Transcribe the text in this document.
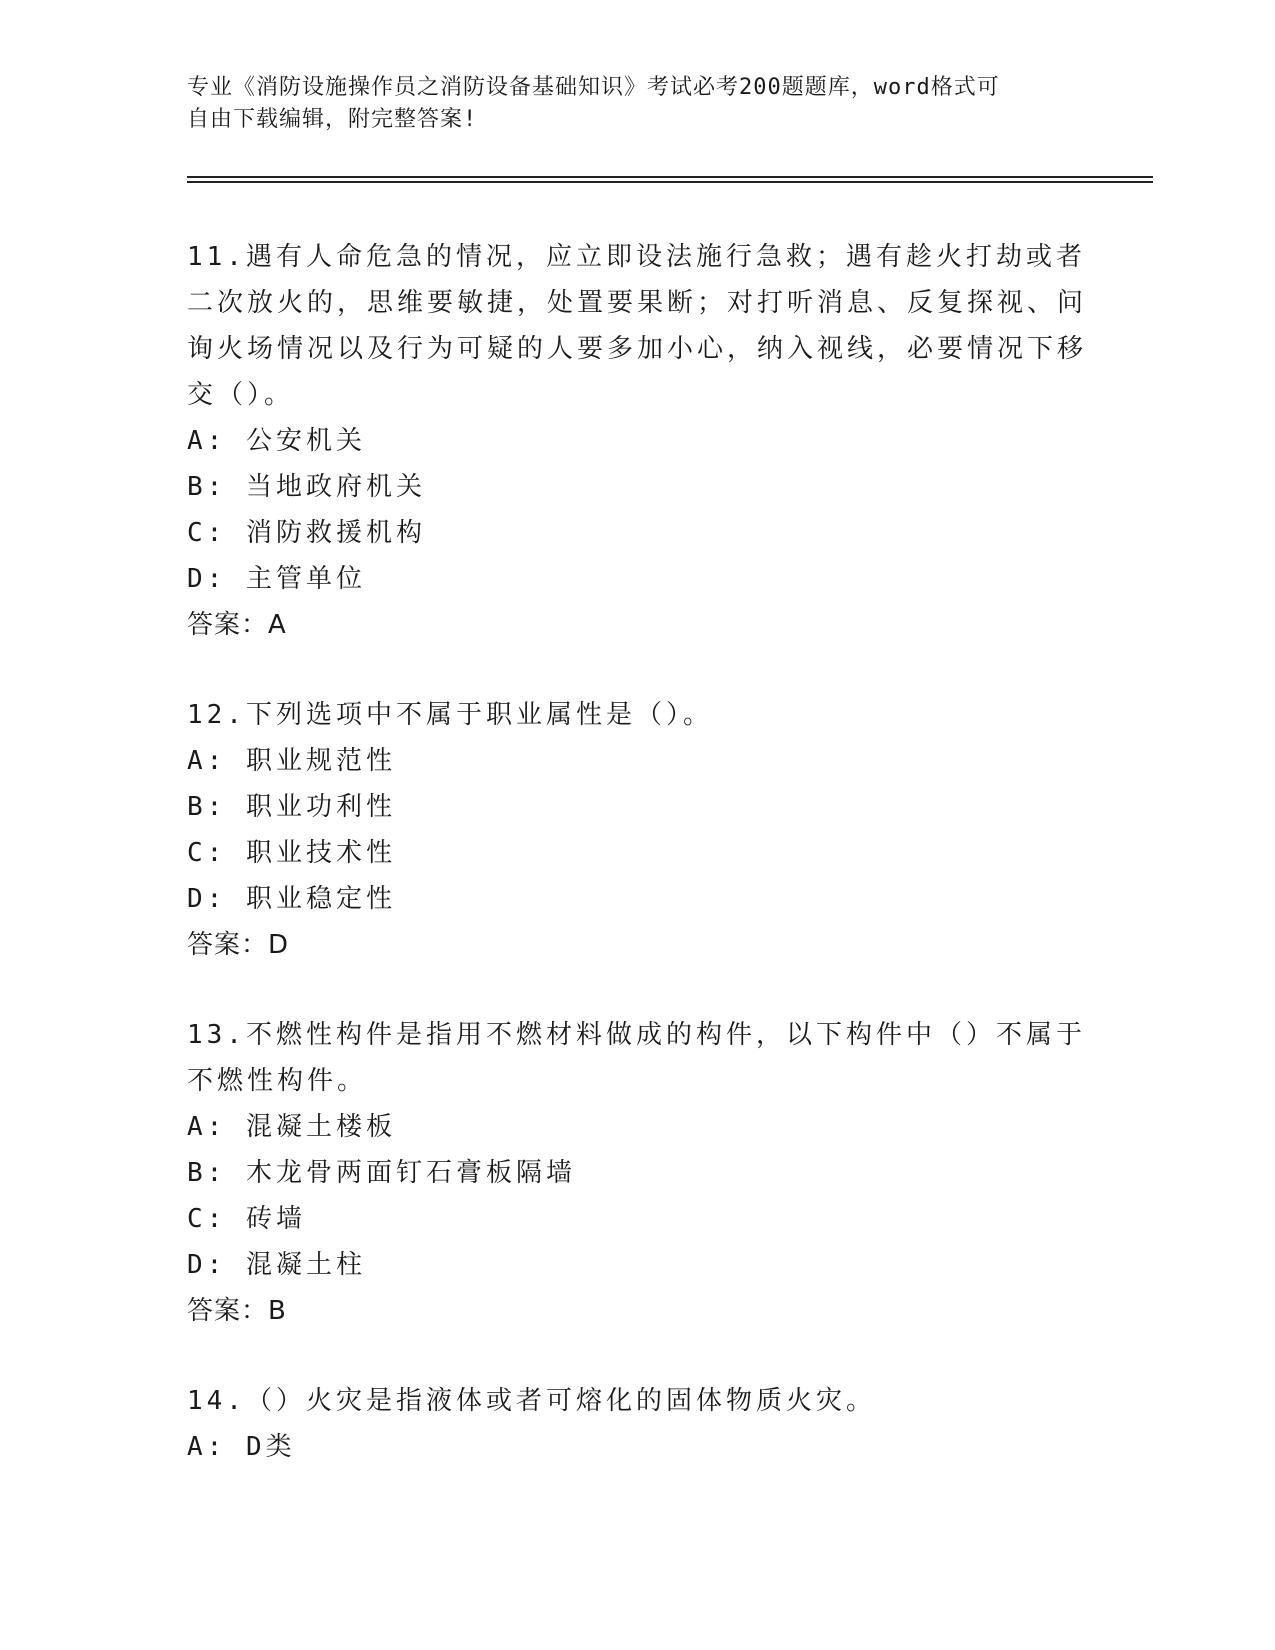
专业《消防设施操作员之消防设备基础知识》考试必考200题题库，word格式可
自由下载编辑，附完整答案!
11.遇有人命危急的情况，应立即设法施行急救；遇有趁火打劫或者二次放火的，思维要敏捷，处置要果断；对打听消息、反复探视、问询火场情况以及行为可疑的人要多加小心，纳入视线，必要情况下移交（）。
A: 公安机关
B: 当地政府机关
C: 消防救援机构
D: 主管单位
答案：A
12.下列选项中不属于职业属性是（）。
A: 职业规范性
B: 职业功利性
C: 职业技术性
D: 职业稳定性
答案：D
13.不燃性构件是指用不燃材料做成的构件，以下构件中（）不属于不燃性构件。
A: 混凝土楼板
B: 木龙骨两面钉石膏板隔墙
C: 砖墙
D: 混凝土柱
答案：B
14.（）火灾是指液体或者可熔化的固体物质火灾。
A: D类
